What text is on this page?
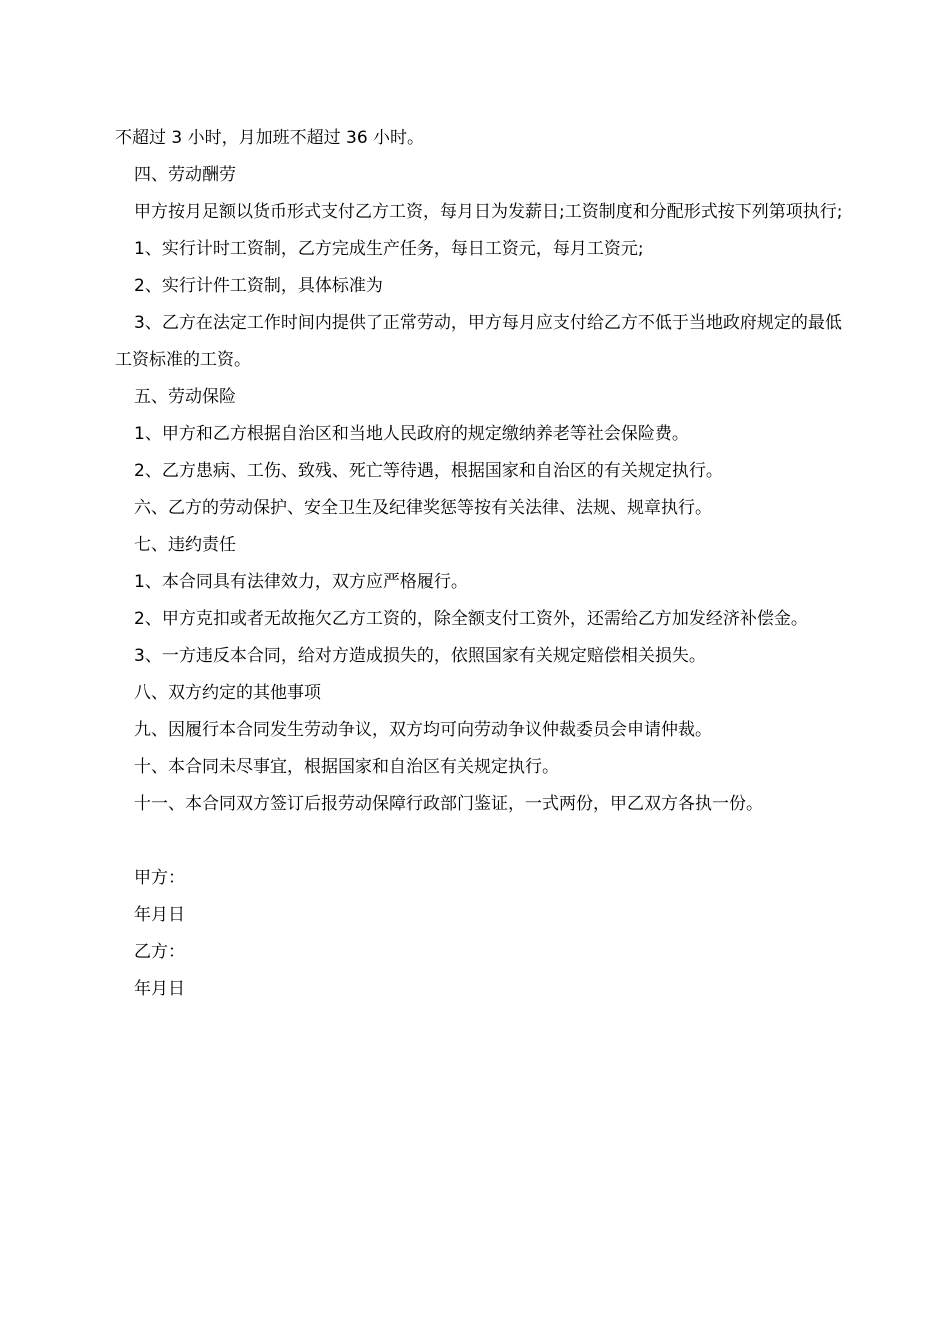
不超过 3 小时，月加班不超过 36 小时。

四、劳动酬劳

甲方按月足额以货币形式支付乙方工资，每月日为发薪日;工资制度和分配形式按下列第项执行;

1、实行计时工资制，乙方完成生产任务，每日工资元，每月工资元;

2、实行计件工资制，具体标准为

3、乙方在法定工作时间内提供了正常劳动，甲方每月应支付给乙方不低于当地政府规定的最低工资标准的工资。

五、劳动保险

1、甲方和乙方根据自治区和当地人民政府的规定缴纳养老等社会保险费。

2、乙方患病、工伤、致残、死亡等待遇，根据国家和自治区的有关规定执行。

六、乙方的劳动保护、安全卫生及纪律奖惩等按有关法律、法规、规章执行。

七、违约责任

1、本合同具有法律效力，双方应严格履行。

2、甲方克扣或者无故拖欠乙方工资的，除全额支付工资外，还需给乙方加发经济补偿金。

3、一方违反本合同，给对方造成损失的，依照国家有关规定赔偿相关损失。

八、双方约定的其他事项

九、因履行本合同发生劳动争议，双方均可向劳动争议仲裁委员会申请仲裁。

十、本合同未尽事宜，根据国家和自治区有关规定执行。

十一、本合同双方签订后报劳动保障行政部门鉴证，一式两份，甲乙双方各执一份。

甲方：

年月日

乙方：

年月日
